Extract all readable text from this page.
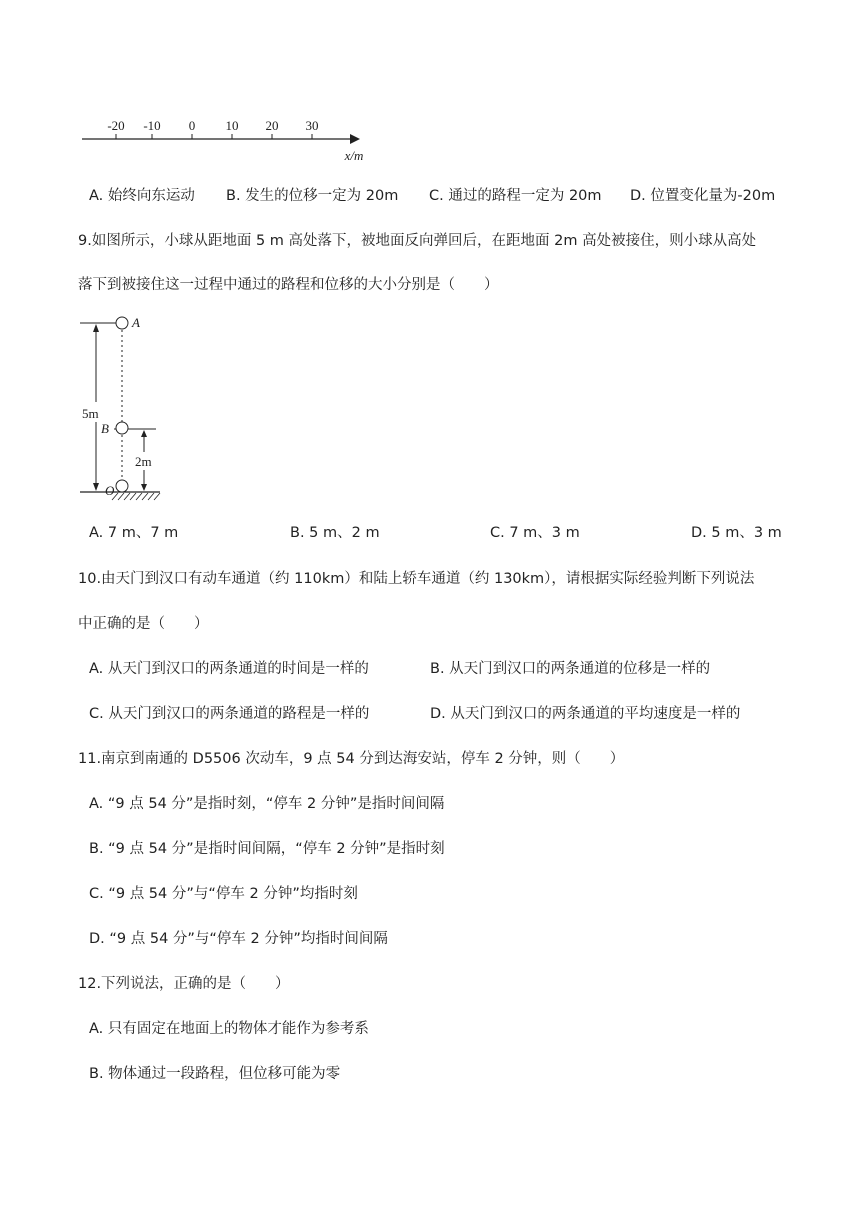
-20 -10 0 10 20 30
x/m
A. 始终向东运动 B. 发生的位移一定为 20m C. 通过的路程一定为 20m D. 位置变化量为-20m
9.如图所示，小球从距地面 5 m 高处落下，被地面反向弹回后，在距地面 2m 高处被接住，则小球从高处
落下到被接住这一过程中通过的路程和位移的大小分别是（　　）
A
B
O
5m
2m
A. 7 m、7 m	B. 5 m、2 m	C. 7 m、3 m	D. 5 m、3 m
10.由天门到汉口有动车通道（约 110km）和陆上轿车通道（约 130km），请根据实际经验判断下列说法
中正确的是（　　）
A. 从天门到汉口的两条通道的时间是一样的	B. 从天门到汉口的两条通道的位移是一样的
C. 从天门到汉口的两条通道的路程是一样的	D. 从天门到汉口的两条通道的平均速度是一样的
11.南京到南通的 D5506 次动车，9 点 54 分到达海安站，停车 2 分钟，则（　　）
A. “9 点 54 分”是指时刻，“停车 2 分钟”是指时间间隔
B. “9 点 54 分”是指时间间隔，“停车 2 分钟”是指时刻
C. “9 点 54 分”与“停车 2 分钟”均指时刻
D. “9 点 54 分”与“停车 2 分钟”均指时间间隔
12.下列说法，正确的是（　　）
A. 只有固定在地面上的物体才能作为参考系
B. 物体通过一段路程，但位移可能为零
